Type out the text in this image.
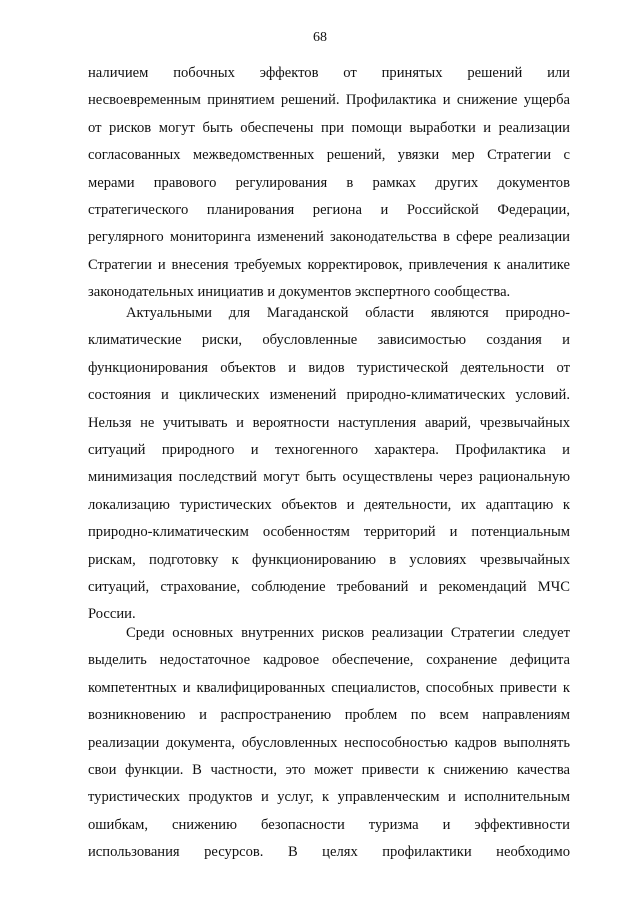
68
наличием побочных эффектов от принятых решений или
несвоевременным принятием решений. Профилактика и снижение ущерба
от рисков могут быть обеспечены при помощи выработки и реализации
согласованных межведомственных решений, увязки мер Стратегии с
мерами правового регулирования в рамках других документов
стратегического планирования региона и Российской Федерации,
регулярного мониторинга изменений законодательства в сфере реализации
Стратегии и внесения требуемых корректировок, привлечения к аналитике
законодательных инициатив и документов экспертного сообщества.
Актуальными для Магаданской области являются природно-
климатические риски, обусловленные зависимостью создания и
функционирования объектов и видов туристической деятельности от
состояния и циклических изменений природно-климатических условий.
Нельзя не учитывать и вероятности наступления аварий, чрезвычайных
ситуаций природного и техногенного характера. Профилактика и
минимизация последствий могут быть осуществлены через рациональную
локализацию туристических объектов и деятельности, их адаптацию к
природно-климатическим особенностям территорий и потенциальным
рискам, подготовку к функционированию в условиях чрезвычайных
ситуаций, страхование, соблюдение требований и рекомендаций МЧС
России.
Среди основных внутренних рисков реализации Стратегии следует
выделить недостаточное кадровое обеспечение, сохранение дефицита
компетентных и квалифицированных специалистов, способных привести к
возникновению и распространению проблем по всем направлениям
реализации документа, обусловленных неспособностью кадров выполнять
свои функции. В частности, это может привести к снижению качества
туристических продуктов и услуг, к управленческим и исполнительным
ошибкам, снижению безопасности туризма и эффективности
использования ресурсов. В целях профилактики необходимо
